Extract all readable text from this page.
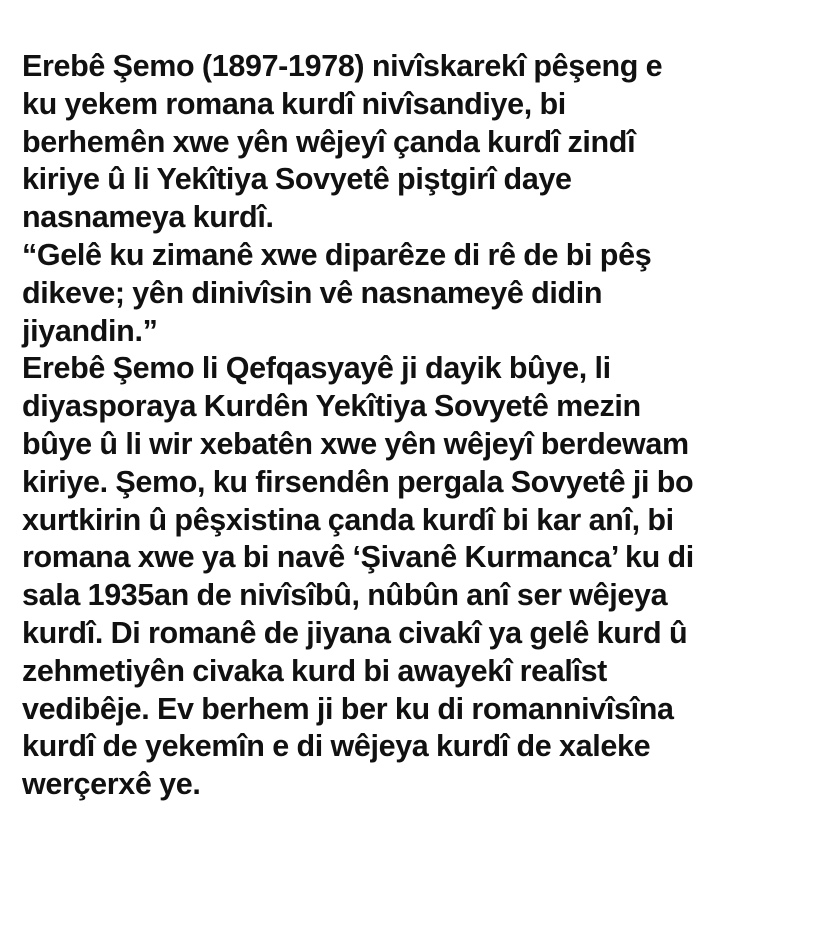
Erebê Şemo (1897-1978) nivîskarekî pêşeng e

ku yekem romana kurdî nivîsandiye, bi

berhemên xwe yên wêjeyî çanda kurdî zindî

kiriye û li Yekîtiya Sovyetê piştgirî daye

nasnameya kurdî.

“Gelê ku zimanê xwe diparêze di rê de bi pêş

dikeve; yên dinivîsin vê nasnameyê didin

jiyandin.”

Erebê Şemo li Qefqasyayê ji dayik bûye, li

diyasporaya Kurdên Yekîtiya Sovyetê mezin

bûye û li wir xebatên xwe yên wêjeyî berdewam

kiriye. Şemo, ku firsendên pergala Sovyetê ji bo

xurtkirin û pêşxistina çanda kurdî bi kar anî, bi

romana xwe ya bi navê ‘Şivanê Kurmanca’ ku di

sala 1935an de nivîsîbû, nûbûn anî ser wêjeya

kurdî. Di romanê de jiyana civakî ya gelê kurd û

zehmetiyên civaka kurd bi awayekî realîst

vedibêje. Ev berhem ji ber ku di romannivîsîna

kurdî de yekemîn e di wêjeya kurdî de xaleke

werçerxê ye.
